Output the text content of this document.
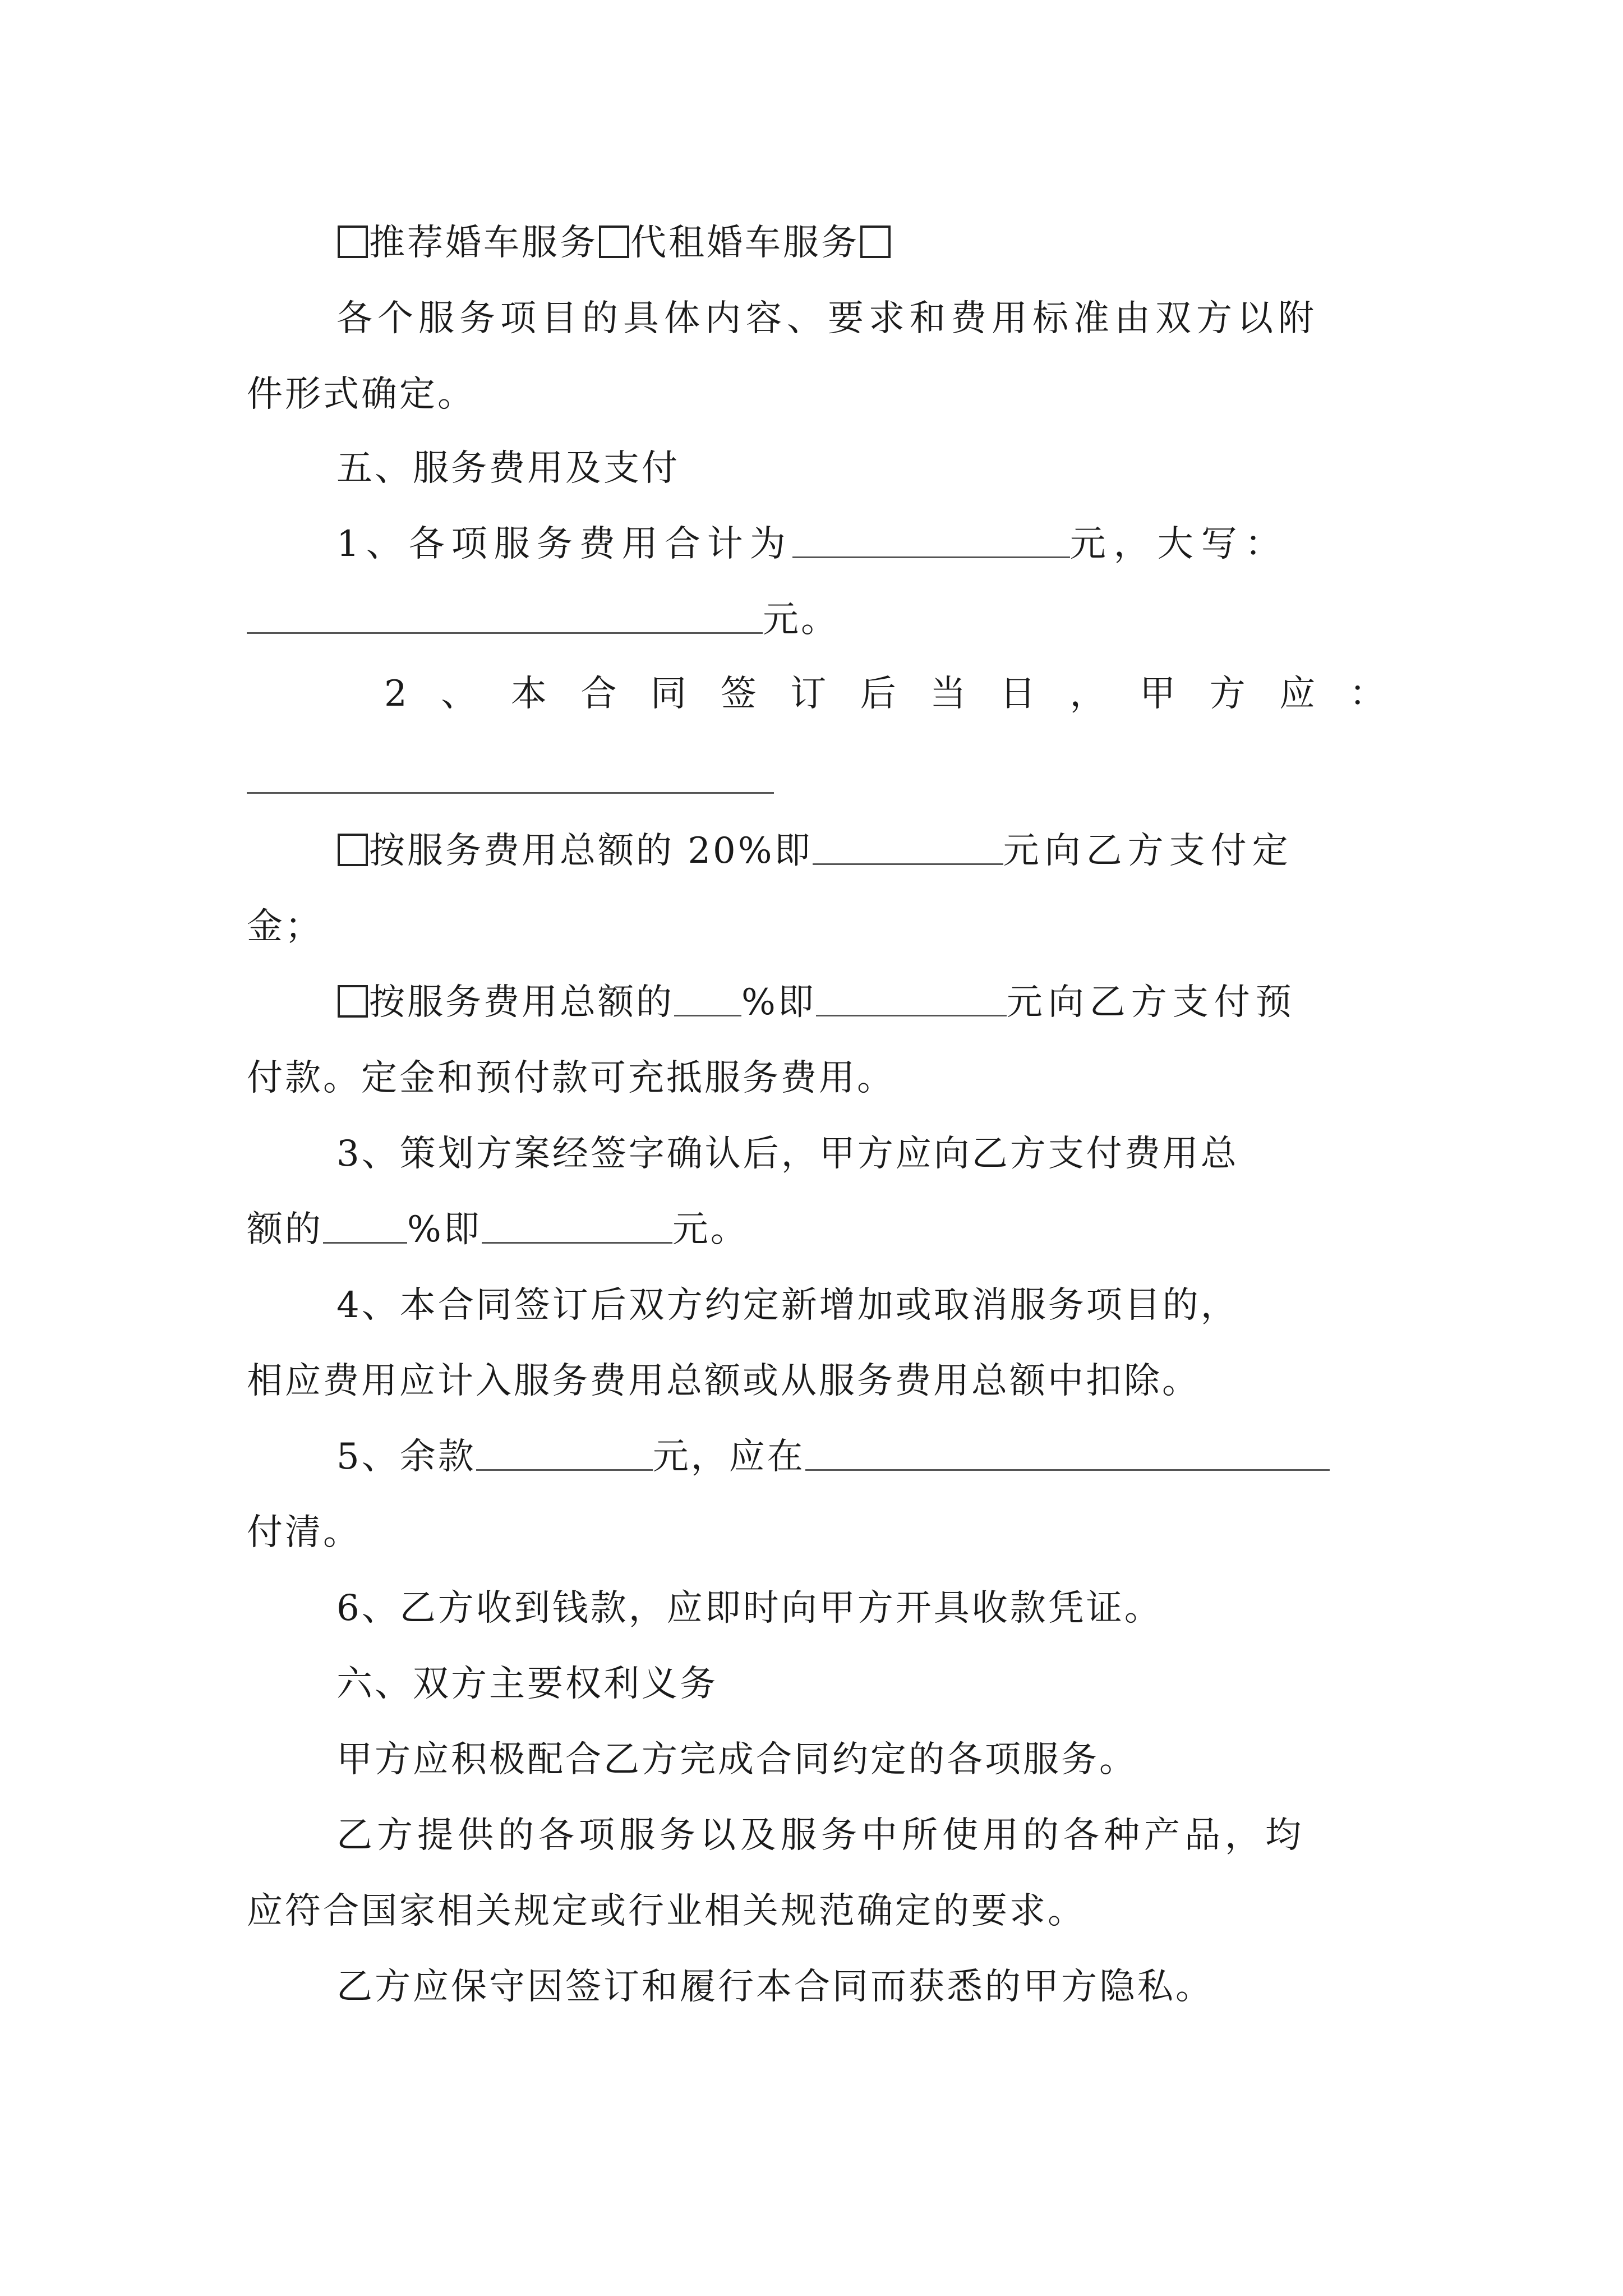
推荐婚车服务 代租婚车服务
各个服务项目的具体内容、要求和费用标准由双方以附
件形式确定。
五、服务费用及支付
1、各项服务费用合计为	元，大写：
元。
2 、 本 合 同 签 订 后 当 日 ， 甲 方 应 ：
按服务费用总额的 20%即	元向乙方支付定
金；
按服务费用总额的 %即	元向乙方支付预
付款。定金和预付款可充抵服务费用。
3、策划方案经签字确认后，甲方应向乙方支付费用总
额的 %即	元。
4、本合同签订后双方约定新增加或取消服务项目的，
相应费用应计入服务费用总额或从服务费用总额中扣除。
5、余款	元，应在
付清。
6、乙方收到钱款，应即时向甲方开具收款凭证。
六、双方主要权利义务
甲方应积极配合乙方完成合同约定的各项服务。
乙方提供的各项服务以及服务中所使用的各种产品，均
应符合国家相关规定或行业相关规范确定的要求。
乙方应保守因签订和履行本合同而获悉的甲方隐私。
